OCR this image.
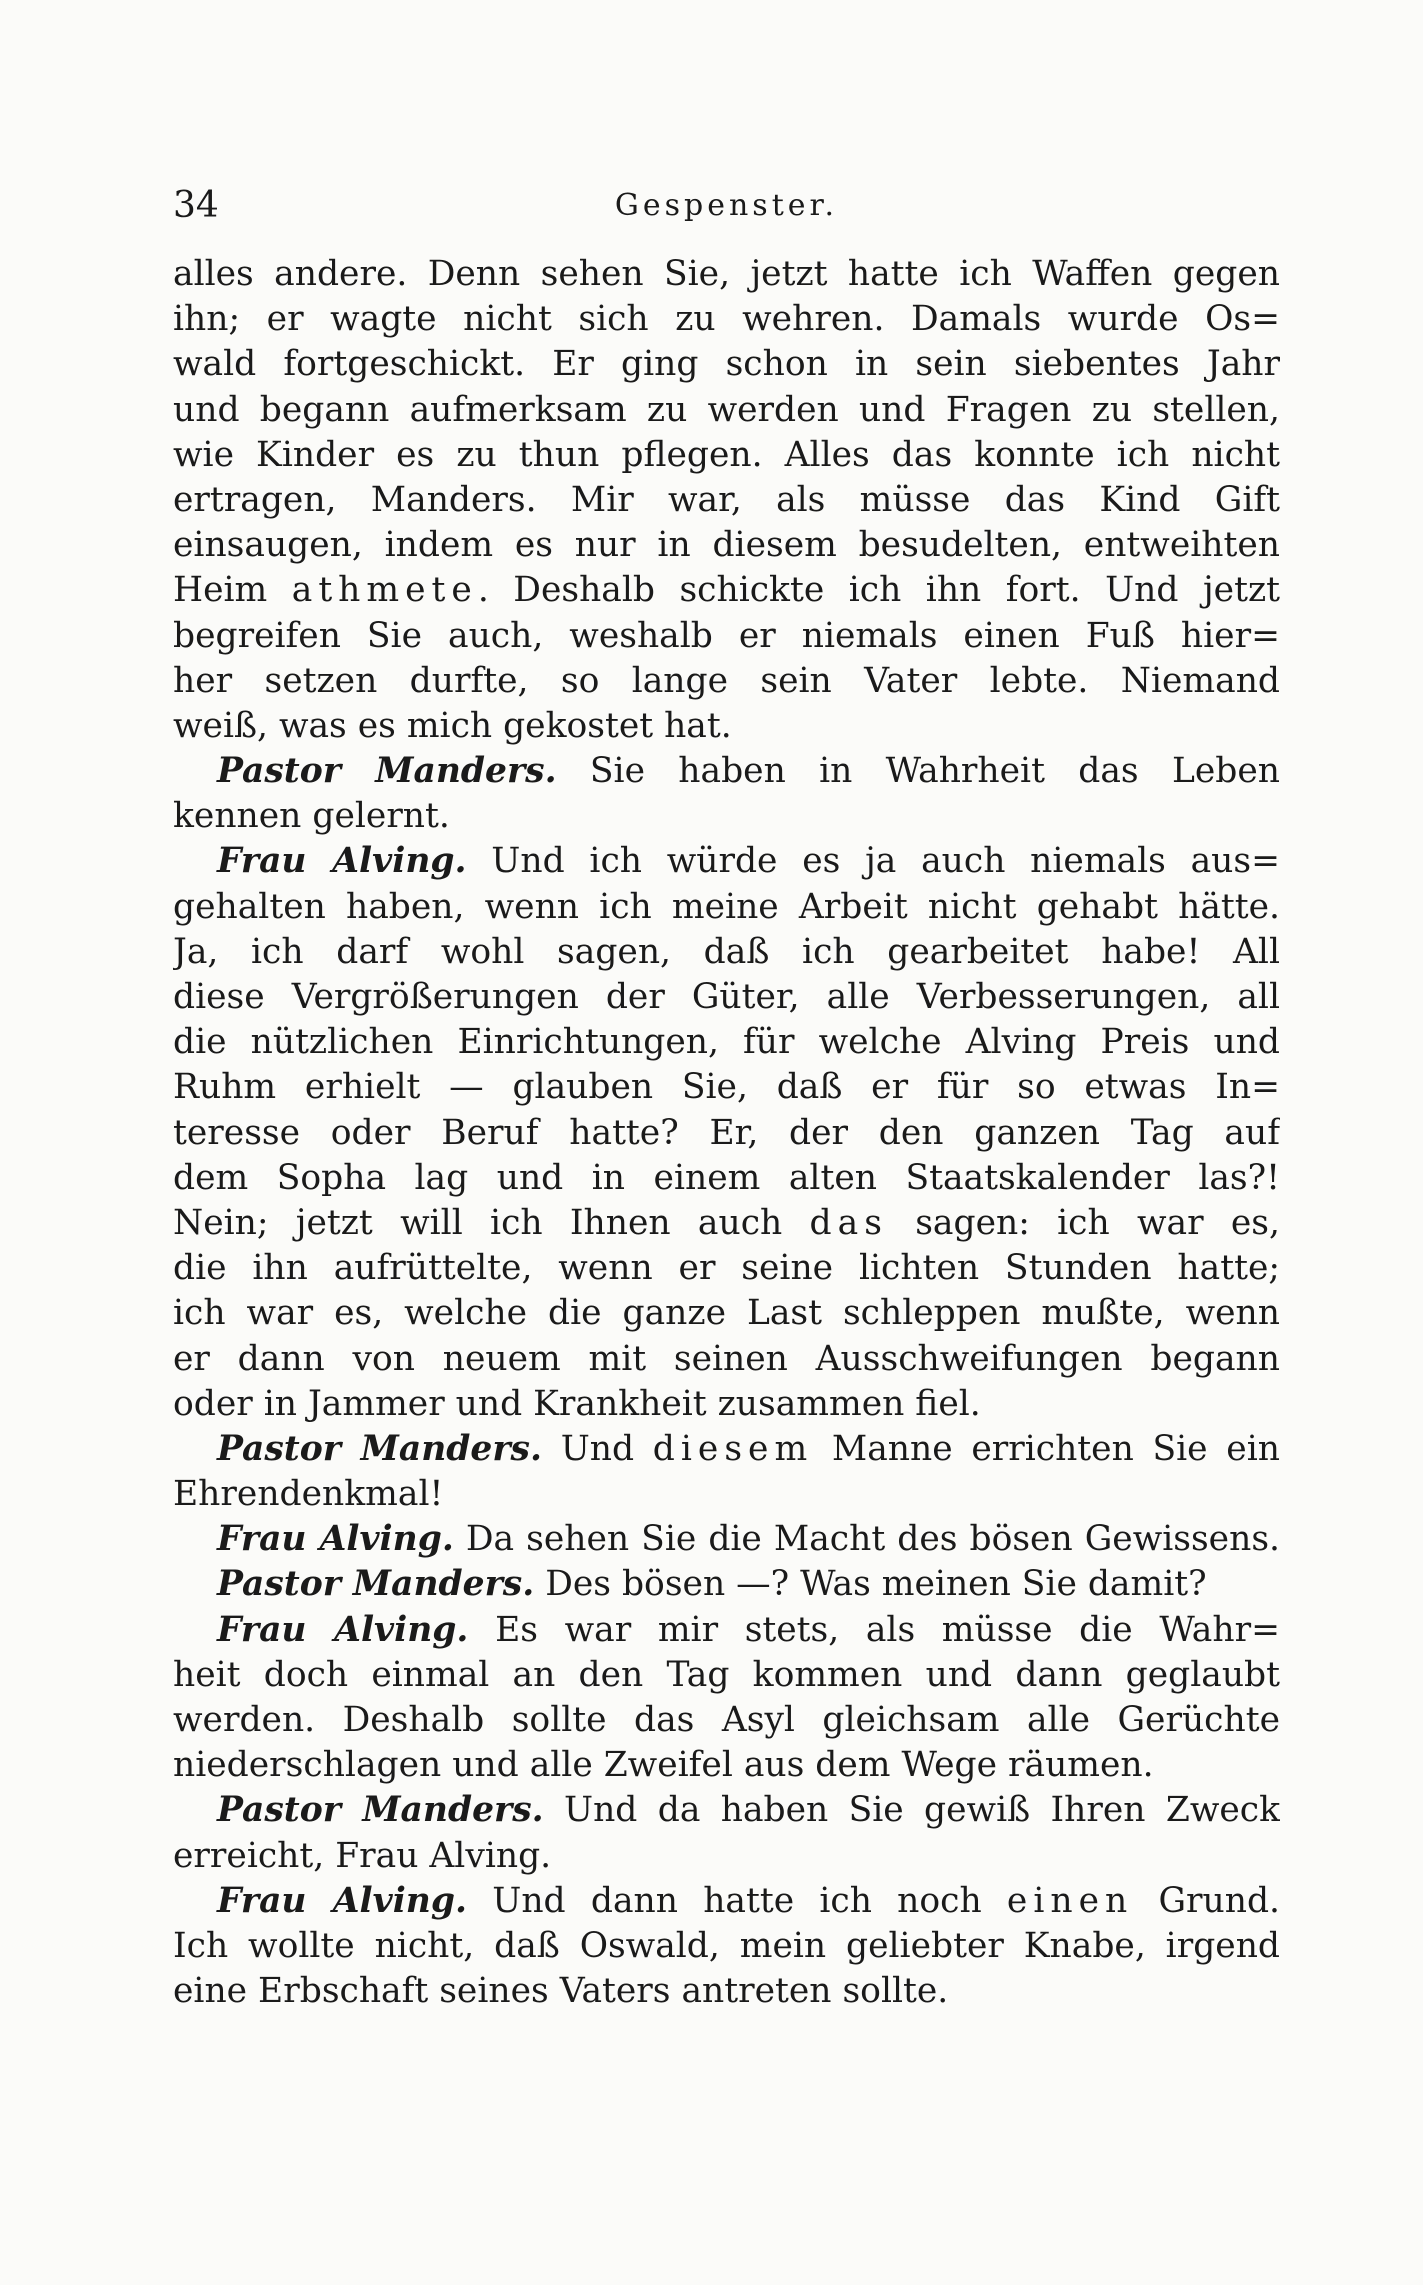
34	Gespenster.
alles andere. Denn sehen Sie, jetzt hatte ich Waffen gegen
ihn; er wagte nicht sich zu wehren. Damals wurde Os=
wald fortgeschickt. Er ging schon in sein siebentes Jahr
und begann aufmerksam zu werden und Fragen zu stellen,
wie Kinder es zu thun pflegen. Alles das konnte ich nicht
ertragen, Manders. Mir war, als müsse das Kind Gift
einsaugen, indem es nur in diesem besudelten, entweihten
Heim athmete. Deshalb schickte ich ihn fort. Und jetzt
begreifen Sie auch, weshalb er niemals einen Fuß hier=
her setzen durfte, so lange sein Vater lebte. Niemand
weiß, was es mich gekostet hat.
Pastor Manders. Sie haben in Wahrheit das Leben
kennen gelernt.
Frau Alving. Und ich würde es ja auch niemals aus=
gehalten haben, wenn ich meine Arbeit nicht gehabt hätte.
Ja, ich darf wohl sagen, daß ich gearbeitet habe! All
diese Vergrößerungen der Güter, alle Verbesserungen, all
die nützlichen Einrichtungen, für welche Alving Preis und
Ruhm erhielt — glauben Sie, daß er für so etwas In=
teresse oder Beruf hatte? Er, der den ganzen Tag auf
dem Sopha lag und in einem alten Staatskalender las?!
Nein; jetzt will ich Ihnen auch das sagen: ich war es,
die ihn aufrüttelte, wenn er seine lichten Stunden hatte;
ich war es, welche die ganze Last schleppen mußte, wenn
er dann von neuem mit seinen Ausschweifungen begann
oder in Jammer und Krankheit zusammen fiel.
Pastor Manders. Und diesem Manne errichten Sie ein
Ehrendenkmal!
Frau Alving. Da sehen Sie die Macht des bösen Gewissens.
Pastor Manders. Des bösen —? Was meinen Sie damit?
Frau Alving. Es war mir stets, als müsse die Wahr=
heit doch einmal an den Tag kommen und dann geglaubt
werden. Deshalb sollte das Asyl gleichsam alle Gerüchte
niederschlagen und alle Zweifel aus dem Wege räumen.
Pastor Manders. Und da haben Sie gewiß Ihren Zweck
erreicht, Frau Alving.
Frau Alving. Und dann hatte ich noch einen Grund.
Ich wollte nicht, daß Oswald, mein geliebter Knabe, irgend
eine Erbschaft seines Vaters antreten sollte.
